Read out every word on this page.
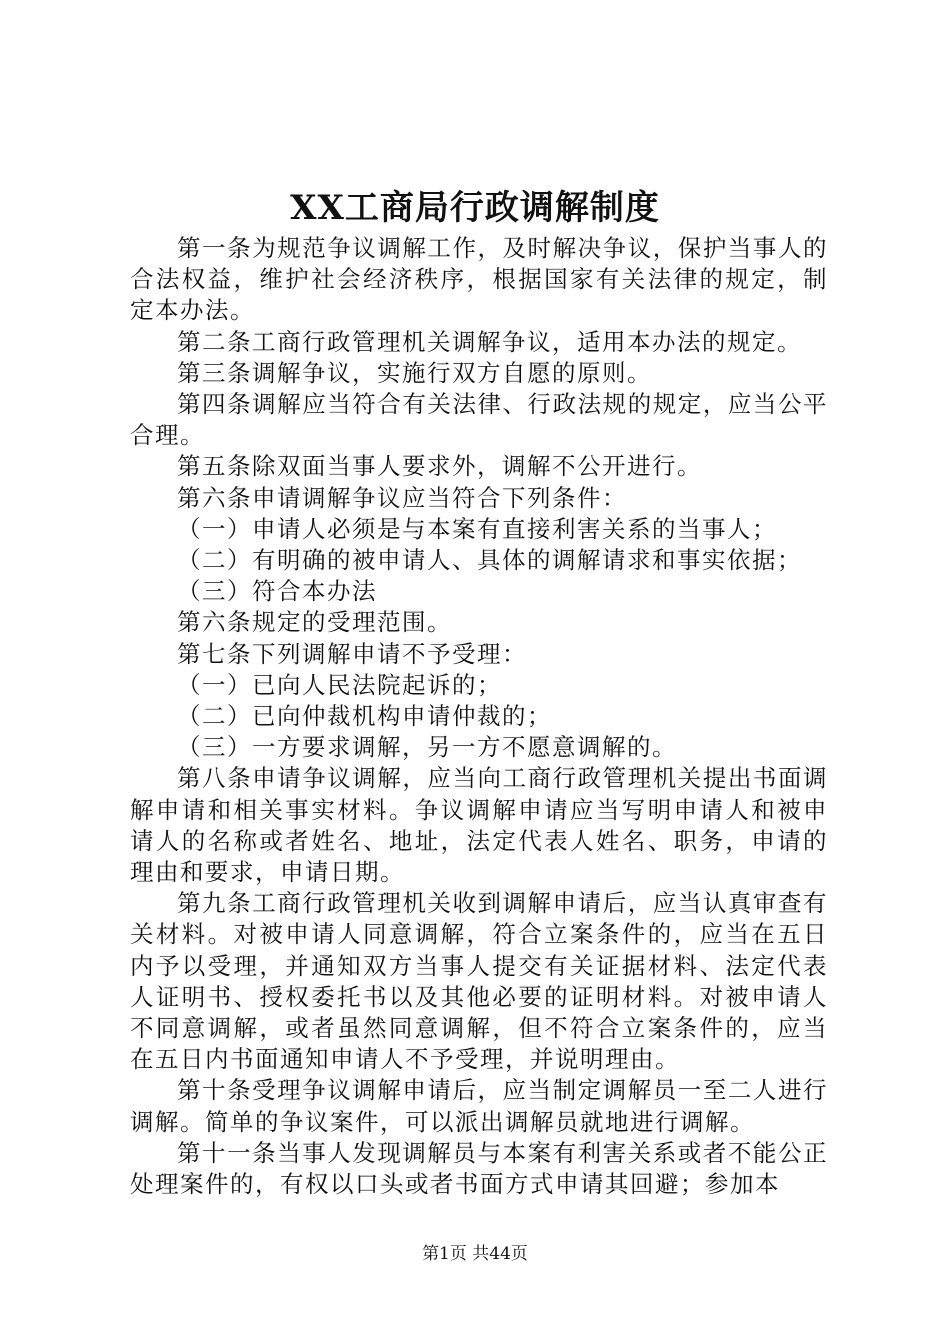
XX工商局行政调解制度

第一条为规范争议调解工作，及时解决争议，保护当事人的合法权益，维护社会经济秩序，根据国家有关法律的规定，制定本办法。

第二条工商行政管理机关调解争议，适用本办法的规定。

第三条调解争议，实施行双方自愿的原则。

第四条调解应当符合有关法律、行政法规的规定，应当公平合理。

第五条除双面当事人要求外，调解不公开进行。

第六条申请调解争议应当符合下列条件：

（一）申请人必须是与本案有直接利害关系的当事人；

（二）有明确的被申请人、具体的调解请求和事实依据；

（三）符合本办法

第六条规定的受理范围。

第七条下列调解申请不予受理：

（一）已向人民法院起诉的；

（二）已向仲裁机构申请仲裁的；

（三）一方要求调解，另一方不愿意调解的。

第八条申请争议调解，应当向工商行政管理机关提出书面调解申请和相关事实材料。争议调解申请应当写明申请人和被申请人的名称或者姓名、地址，法定代表人姓名、职务，申请的理由和要求，申请日期。

第九条工商行政管理机关收到调解申请后，应当认真审查有关材料。对被申请人同意调解，符合立案条件的，应当在五日内予以受理，并通知双方当事人提交有关证据材料、法定代表人证明书、授权委托书以及其他必要的证明材料。对被申请人不同意调解，或者虽然同意调解，但不符合立案条件的，应当在五日内书面通知申请人不予受理，并说明理由。

第十条受理争议调解申请后，应当制定调解员一至二人进行调解。简单的争议案件，可以派出调解员就地进行调解。

第十一条当事人发现调解员与本案有利害关系或者不能公正处理案件的，有权以口头或者书面方式申请其回避；参加本

第1页 共44页
